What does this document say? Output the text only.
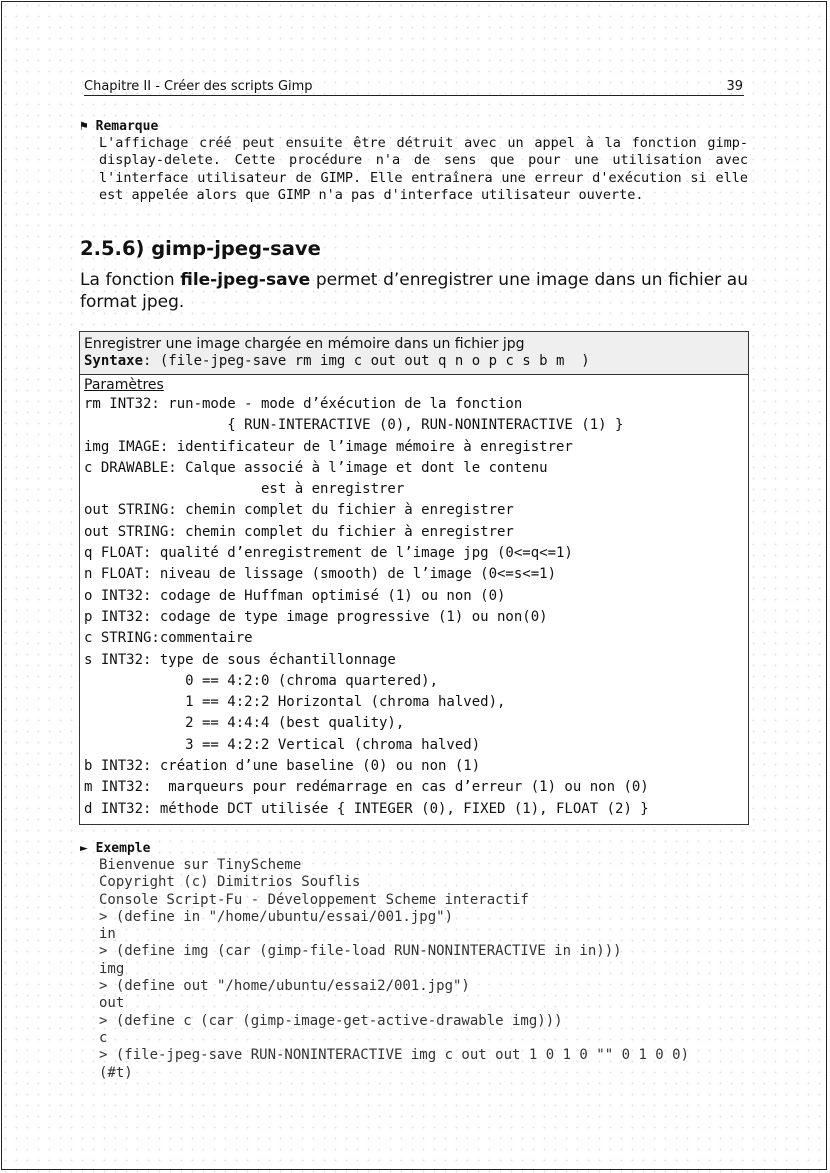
Chapitre II - Créer des scripts Gimp	39
⚑ Remarque
L'affichage créé peut ensuite être détruit avec un appel à la fonction gimp-display-delete. Cette procédure n'a de sens que pour une utilisation avec l'interface utilisateur de GIMP. Elle entraînera une erreur d'exécution si elle est appelée alors que GIMP n'a pas d'interface utilisateur ouverte.
2.5.6) gimp-jpeg-save

La fonction file-jpeg-save permet d’enregistrer une image dans un fichier au format jpeg.

Enregistrer une image chargée en mémoire dans un fichier jpg
Syntaxe: (file-jpeg-save rm img c out out q n o p c s b m  )
Paramètres
rm INT32: run-mode - mode d’éxécution de la fonction
{ RUN-INTERACTIVE (0), RUN-NONINTERACTIVE (1) }
img IMAGE: identificateur de l’image mémoire à enregistrer
c DRAWABLE: Calque associé à l’image et dont le contenu
est à enregistrer
out STRING: chemin complet du fichier à enregistrer
out STRING: chemin complet du fichier à enregistrer
q FLOAT: qualité d’enregistrement de l’image jpg (0<=q<=1)
n FLOAT: niveau de lissage (smooth) de l’image (0<=s<=1)
o INT32: codage de Huffman optimisé (1) ou non (0)
p INT32: codage de type image progressive (1) ou non(0)
c STRING:commentaire
s INT32: type de sous échantillonnage
0 == 4:2:0 (chroma quartered),
1 == 4:2:2 Horizontal (chroma halved),
2 == 4:4:4 (best quality),
3 == 4:2:2 Vertical (chroma halved)
b INT32: création d’une baseline (0) ou non (1)
m INT32:  marqueurs pour redémarrage en cas d’erreur (1) ou non (0)
d INT32: méthode DCT utilisée { INTEGER (0), FIXED (1), FLOAT (2) }
► Exemple
Bienvenue sur TinyScheme
Copyright (c) Dimitrios Souflis
Console Script-Fu - Développement Scheme interactif
> (define in "/home/ubuntu/essai/001.jpg")
in
> (define img (car (gimp-file-load RUN-NONINTERACTIVE in in)))
img
> (define out "/home/ubuntu/essai2/001.jpg")
out
> (define c (car (gimp-image-get-active-drawable img)))
c
> (file-jpeg-save RUN-NONINTERACTIVE img c out out 1 0 1 0 "" 0 1 0 0)
(#t)
